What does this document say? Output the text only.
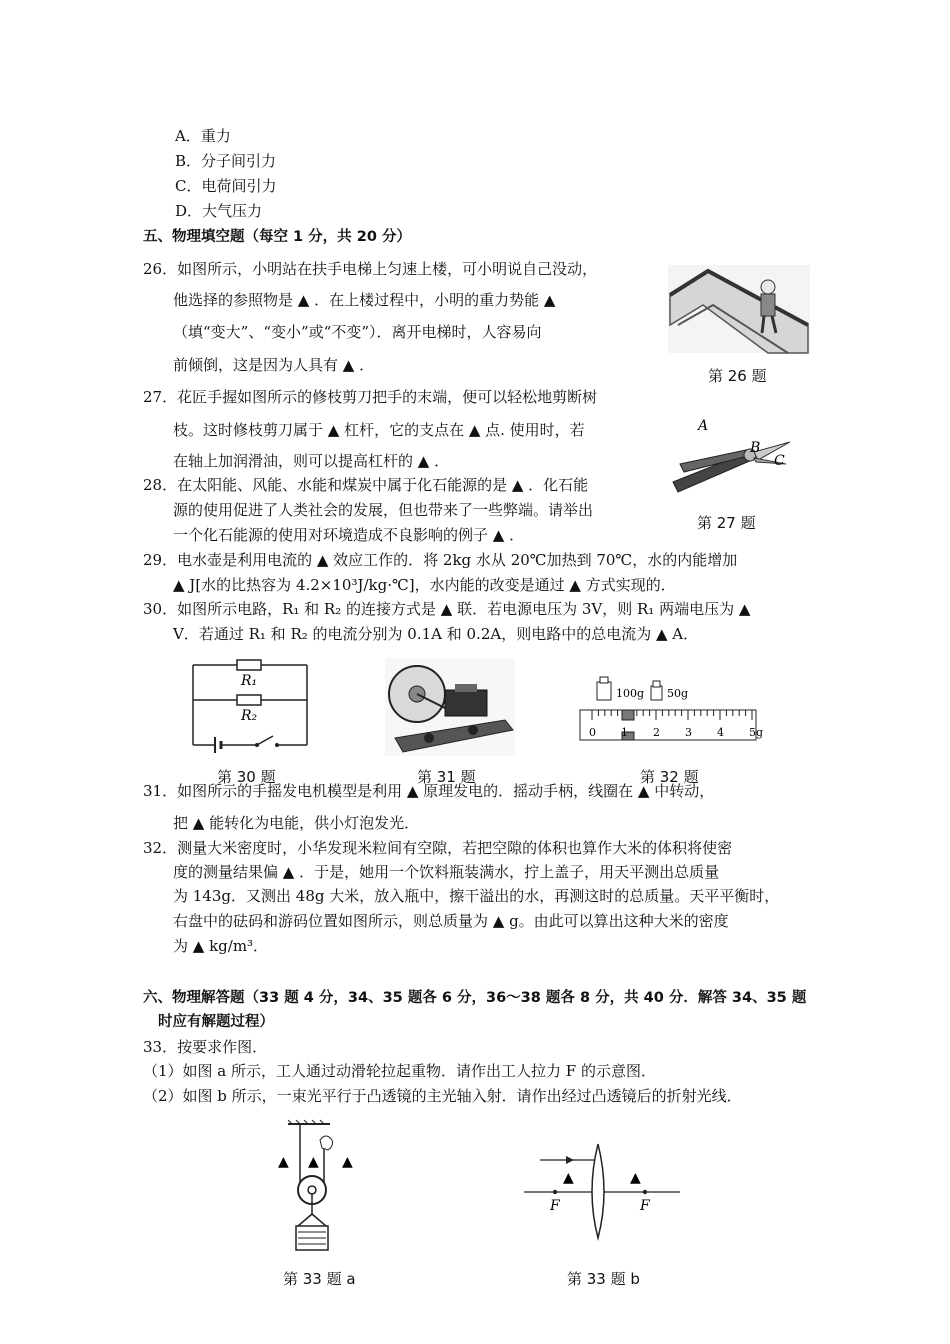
A．重力
B．分子间引力
C．电荷间引力
D．大气压力
五、物理填空题（每空 1 分，共 20 分）
26．如图所示，小明站在扶手电梯上匀速上楼，可小明说自己没动，
他选择的参照物是 ▲ ．在上楼过程中，小明的重力势能 ▲
（填“变大”、“变小”或“不变”）．离开电梯时，人容易向
前倾倒，这是因为人具有 ▲ ．
第 26 题
27．花匠手握如图所示的修枝剪刀把手的末端，便可以轻松地剪断树
枝。这时修枝剪刀属于 ▲ 杠杆，它的支点在 ▲ 点. 使用时，若
在轴上加润滑油，则可以提高杠杆的 ▲ ．
A
B
C
第 27 题
28．在太阳能、风能、水能和煤炭中属于化石能源的是 ▲ ．化石能
源的使用促进了人类社会的发展，但也带来了一些弊端。请举出
一个化石能源的使用对环境造成不良影响的例子 ▲ ．
29．电水壶是利用电流的 ▲ 效应工作的．将 2kg 水从 20℃加热到 70℃，水的内能增加
▲ J[水的比热容为 4.2×10³J/kg·℃]，水内能的改变是通过 ▲ 方式实现的．
30．如图所示电路，R₁ 和 R₂ 的连接方式是 ▲ 联．若电源电压为 3V，则 R₁ 两端电压为 ▲
V．若通过 R₁ 和 R₂ 的电流分别为 0.1A 和 0.2A，则电路中的总电流为 ▲ A．
R₁
R₂
100g 50g
0 1 2 3 4 5g
第 30 题	第 31 题	第 32 题
31．如图所示的手摇发电机模型是利用 ▲ 原理发电的．摇动手柄，线圈在 ▲ 中转动，
把 ▲ 能转化为电能，供小灯泡发光．
32．测量大米密度时，小华发现米粒间有空隙，若把空隙的体积也算作大米的体积将使密
度的测量结果偏 ▲ ．于是，她用一个饮料瓶装满水，拧上盖子，用天平测出总质量
为 143g．又测出 48g 大米，放入瓶中，擦干溢出的水，再测这时的总质量。天平平衡时，
右盘中的砝码和游码位置如图所示，则总质量为 ▲ g。由此可以算出这种大米的密度
为 ▲ kg/m³．
六、物理解答题（33 题 4 分，34、35 题各 6 分，36～38 题各 8 分，共 40 分．解答 34、35 题
时应有解题过程）
33．按要求作图．
（1）如图 a 所示，工人通过动滑轮拉起重物．请作出工人拉力 F 的示意图．
（2）如图 b 所示，一束光平行于凸透镜的主光轴入射．请作出经过凸透镜后的折射光线．
▲ ▲ ▲
F	F
▲	▲
第 33 题 a	第 33 题 b
